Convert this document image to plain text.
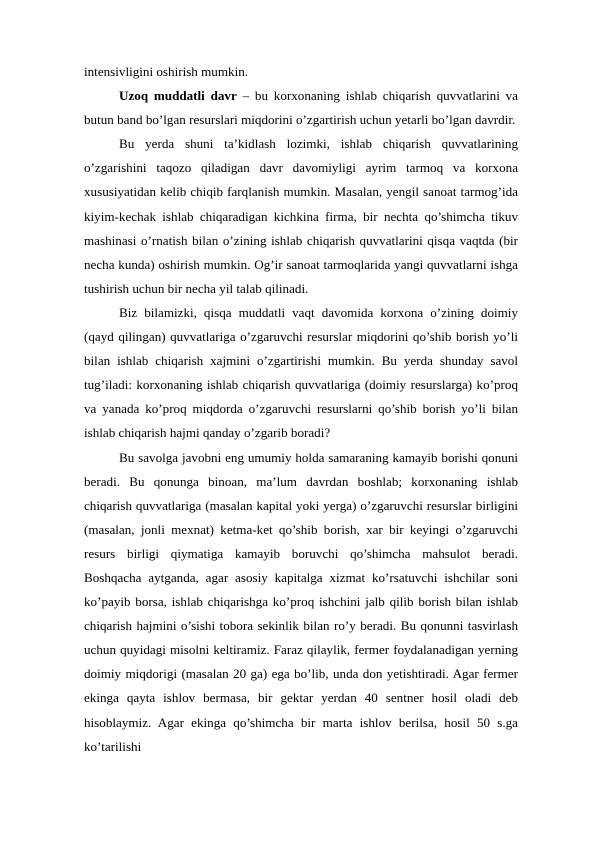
intensivligini oshirish mumkin.

Uzoq muddatli davr – bu korxonaning ishlab chiqarish quvvatlarini va butun band bo’lgan resurslari miqdorini o’zgartirish uchun yetarli bo’lgan davrdir.

Bu yerda shuni ta’kidlash lozimki, ishlab chiqarish quvvatlarining o’zgarishini taqozo qiladigan davr davomiyligi ayrim tarmoq va korxona xususiyatidan kelib chiqib farqlanish mumkin. Masalan, yengil sanoat tarmog’ida kiyim-kechak ishlab chiqaradigan kichkina firma, bir nechta qo’shimcha tikuv mashinasi o’rnatish bilan o’zining ishlab chiqarish quvvatlarini qisqa vaqtda (bir necha kunda) oshirish mumkin. Og’ir sanoat tarmoqlarida yangi quvvatlarni ishga tushirish uchun bir necha yil talab qilinadi.

Biz bilamizki, qisqa muddatli vaqt davomida korxona o’zining doimiy (qayd qilingan) quvvatlariga o’zgaruvchi resurslar miqdorini qo’shib borish yo’li bilan ishlab chiqarish xajmini o’zgartirishi mumkin. Bu yerda shunday savol tug’iladi: korxonaning ishlab chiqarish quvvatlariga (doimiy resurslarga) ko’proq va yanada ko’proq miqdorda o’zgaruvchi resurslarni qo’shib borish yo’li bilan ishlab chiqarish hajmi qanday o’zgarib boradi?

Bu savolga javobni eng umumiy holda samaraning kamayib borishi qonuni beradi. Bu qonunga binoan, ma’lum davrdan boshlab; korxonaning ishlab chiqarish quvvatlariga (masalan kapital yoki yerga) o’zgaruvchi resurslar birligini (masalan, jonli mexnat) ketma-ket qo’shib borish, xar bir keyingi o’zgaruvchi resurs birligi qiymatiga kamayib boruvchi qo’shimcha mahsulot beradi. Boshqacha aytganda, agar asosiy kapitalga xizmat ko’rsatuvchi ishchilar soni ko’payib borsa, ishlab chiqarishga ko’proq ishchini jalb qilib borish bilan ishlab chiqarish hajmini o’sishi tobora sekinlik bilan ro’y beradi. Bu qonunni tasvirlash uchun quyidagi misolni keltiramiz. Faraz qilaylik, fermer foydalanadigan yerning doimiy miqdorigi (masalan 20 ga) ega bo’lib, unda don yetishtiradi. Agar fermer ekinga qayta ishlov bermasa, bir gektar yerdan 40 sentner hosil oladi deb hisoblaymiz. Agar ekinga qo’shimcha bir marta ishlov berilsa, hosil 50 s.ga ko’tarilishi
